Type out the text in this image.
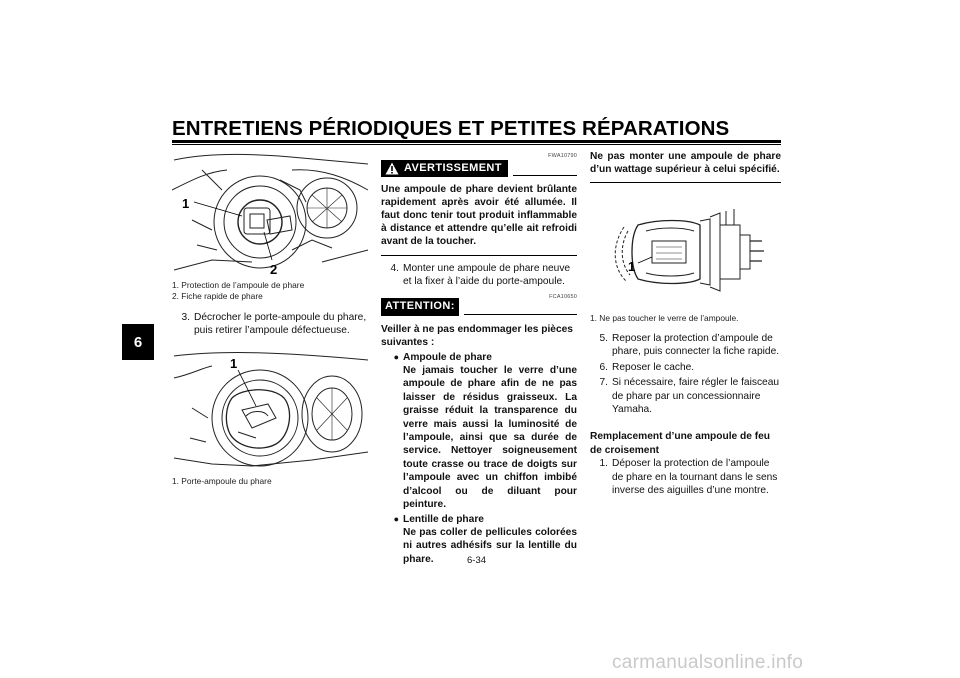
ENTRETIENS PÉRIODIQUES ET PETITES RÉPARATIONS
6
1
2
1. Protection de l’ampoule de phare
2. Fiche rapide de phare
3. Décrocher le porte-ampoule du phare, puis retirer l’ampoule défectueuse.
1
1. Porte-ampoule du phare
FWA10790
AVERTISSEMENT
Une ampoule de phare devient brûlante rapidement après avoir été allumée. Il faut donc tenir tout produit inflammable à distance et attendre qu’elle ait refroidi avant de la toucher.
4. Monter une ampoule de phare neuve et la fixer à l’aide du porte-ampoule.
FCA10650
ATTENTION:
Veiller à ne pas endommager les pièces suivantes :
● Ampoule de phare
Ne jamais toucher le verre d’une ampoule de phare afin de ne pas laisser de résidus graisseux. La graisse réduit la transparence du verre mais aussi la luminosité de l’ampoule, ainsi que sa durée de service. Nettoyer soigneusement toute crasse ou trace de doigts sur l’ampoule avec un chiffon imbibé d’alcool ou de diluant pour peinture.
● Lentille de phare
Ne pas coller de pellicules colorées ni autres adhésifs sur la lentille du phare.
Ne pas monter une ampoule de phare d’un wattage supérieur à celui spécifié.
1
1. Ne pas toucher le verre de l’ampoule.
5. Reposer la protection d’ampoule de phare, puis connecter la fiche rapide.
6. Reposer le cache.
7. Si nécessaire, faire régler le faisceau de phare par un concessionnaire Yamaha.
Remplacement d’une ampoule de feu de croisement
1. Déposer la protection de l’ampoule de phare en la tournant dans le sens inverse des aiguilles d’une montre.
6-34
carmanualsonline.info
